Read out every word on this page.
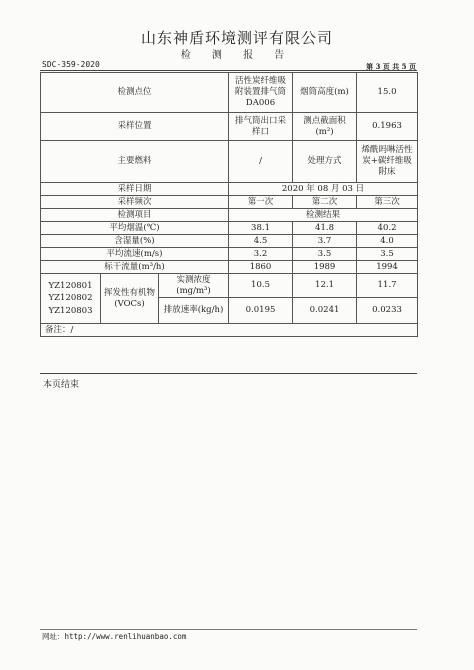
山东神盾环境测评有限公司
检 测 报 告
SDC-359-2020	第 3 页 共 5 页
检测点位			活性炭纤维吸附装置排气筒DA006	烟筒高度(m)	15.0
采样位置			排气筒出口采样口	测点截面积(m²)	0.1963
主要燃料			/	处理方式	烯酰吗啉活性炭+碳纤维吸附床
采样日期			2020 年 08 月 03 日		
采样频次			第一次	第二次	第三次
检测项目			检测结果		
平均烟温(℃)			38.1	41.8	40.2
含湿量(%)			4.5	3.7	4.0
平均流速(m/s)			3.2	3.5	3.5
标干流量(m³/h)			1860	1989	1994

YZ120801
YZ120802
YZ120803	挥发性有机物(VOCs)	实测浓度(mg/m³)	10.5	12.1	11.7
		排放速率(kg/h)	0.0195	0.0241	0.0233
备注：/					
本页结束
网址：http://www.renlihuanbao.com
